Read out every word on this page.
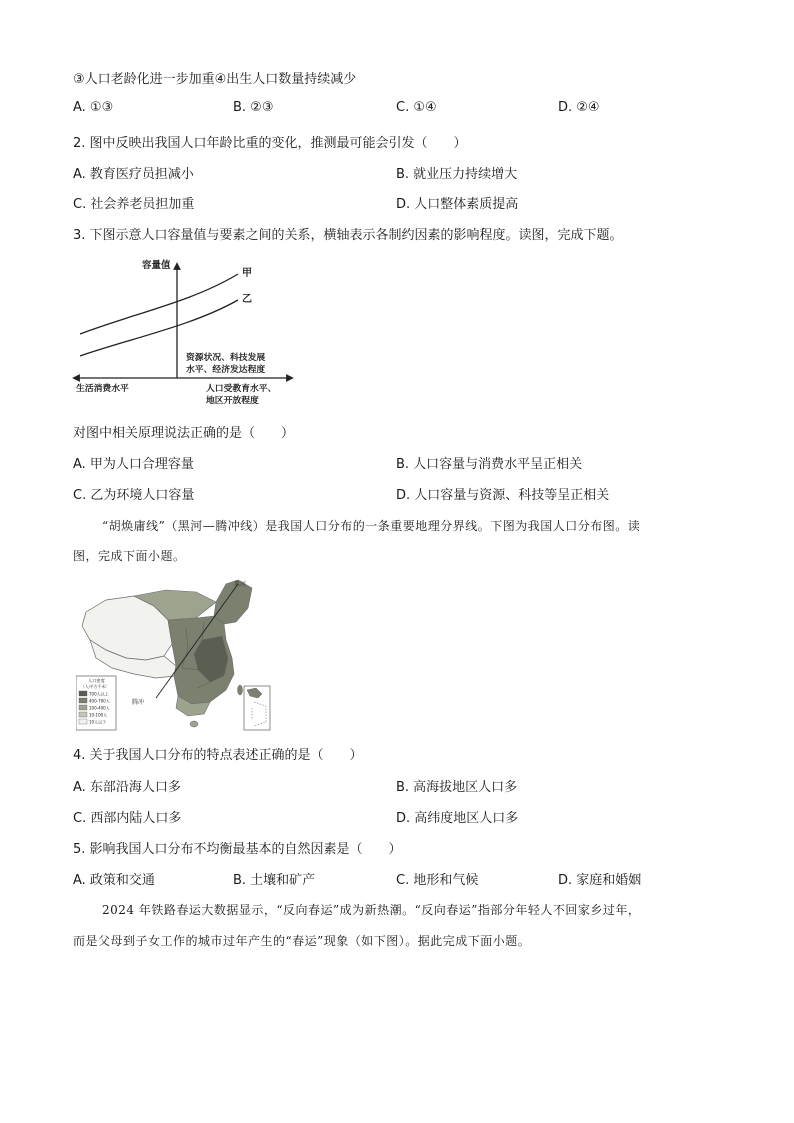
③人口老龄化进一步加重④出生人口数量持续减少
A. ①③	B. ②③	C. ①④	D. ②④
2. 图中反映出我国人口年龄比重的变化，推测最可能会引发（　　）
A. 教育医疗员担减小	B. 就业压力持续增大
C. 社会养老员担加重	D. 人口整体素质提高
3. 下图示意人口容量值与要素之间的关系，横轴表示各制约因素的影响程度。读图，完成下题。
容量值
甲
乙
资源状况、科技发展
水平、经济发达程度
生活消费水平	人口受教育水平、
地区开放程度
对图中相关原理说法正确的是（　　）
A. 甲为人口合理容量	B. 人口容量与消费水平呈正相关
C. 乙为环境人口容量	D. 人口容量与资源、科技等呈正相关
“胡焕庸线”（黑河—腾冲线）是我国人口分布的一条重要地理分界线。下图为我国人口分布图。读
图，完成下面小题。
黑河
腾冲
人口密度
（人/平方千米）
700人以上
400-700人
100-400人
10-100人
10人以下
4. 关于我国人口分布的特点表述正确的是（　　）
A. 东部沿海人口多	B. 高海拔地区人口多
C. 西部内陆人口多	D. 高纬度地区人口多
5. 影响我国人口分布不均衡最基本的自然因素是（　　）
A. 政策和交通	B. 土壤和矿产	C. 地形和气候	D. 家庭和婚姻
2024 年铁路春运大数据显示，“反向春运”成为新热潮。“反向春运”指部分年轻人不回家乡过年，
而是父母到子女工作的城市过年产生的“春运”现象（如下图）。据此完成下面小题。
